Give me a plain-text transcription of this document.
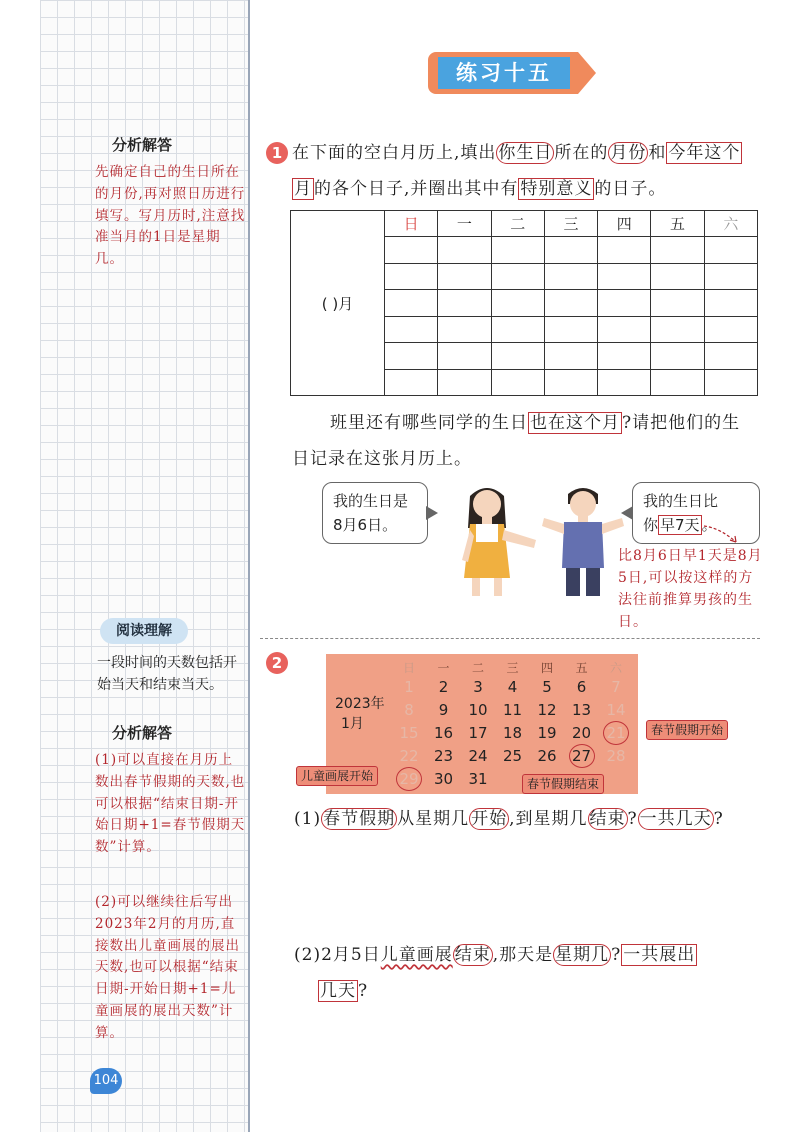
分析解答
先确定自己的生日所在的月份,再对照日历进行填写。写月历时,注意找准当月的1日是星期几。
阅读理解
一段时间的天数包括开始当天和结束当天。
分析解答
(1)可以直接在月历上数出春节假期的天数,也可以根据“结束日期-开始日期+1=春节假期天数”计算。
(2)可以继续往后写出2023年2月的月历,直接数出儿童画展的展出天数,也可以根据“结束日期-开始日期+1=儿童画展的展出天数”计算。
104
练习十五
1 在下面的空白月历上,填出 你生日 所在的 月份 和 今年这个
月 的各个日子,并圈出其中有 特别意义 的日子。
( )月	日	一	二	三	四	五	六

班里还有哪些同学的生日 也在这个月 ?请把他们的生
日记录在这张月历上。
我的生日是
8月6日。
我的生日比
你 早7天 。
比8月6日早1天是8月5日,可以按这样的方法往前推算男孩的生日。
2
2023年
1月
日	一	二	三	四	五	六
1	2	3	4	5	6	7
8	9	10	11	12	13	14
15	16	17	18	19	20	21
22	23	24	25	26	27	28
29	30	31
春节假期开始
儿童画展开始
春节假期结束
(1) 春节假期 从星期几 开始 ,到星期几 结束 ? 一共几天 ?
(2)2月5日儿童画展 结束 ,那天是 星期几 ? 一共展出
几天 ?
